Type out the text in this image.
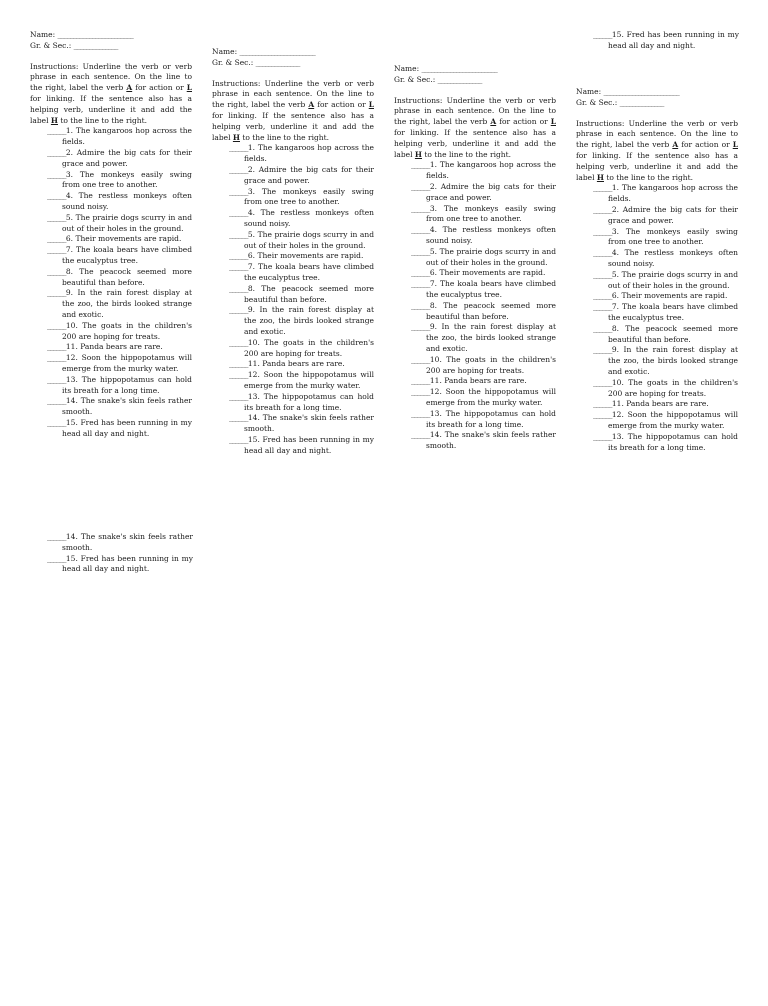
Name: ________________________
Gr. & Sec.: ______________
Instructions: Underline the verb or verb phrase in each sentence. On the line to the right, label the verb A for action or L for linking. If the sentence also has a helping verb, underline it and add the label H to the line to the right.
______1. The kangaroos hop across the fields.
______2. Admire the big cats for their grace and power.
______3. The monkeys easily swing from one tree to another.
______4. The restless monkeys often sound noisy.
______5. The prairie dogs scurry in and out of their holes in the ground.
______6. Their movements are rapid.
______7. The koala bears have climbed the eucalyptus tree.
______8. The peacock seemed more beautiful than before.
______9. In the rain forest display at the zoo, the birds looked strange and exotic.
______10. The goats in the children's 200 are hoping for treats.
______11. Panda bears are rare.
______12. Soon the hippopotamus will emerge from the murky water.
______13. The hippopotamus can hold its breath for a long time.
______14. The snake's skin feels rather smooth.
______15. Fred has been running in my head all day and night.
______14. The snake's skin feels rather smooth.
______15. Fred has been running in my head all day and night.
Name: ________________________
Gr. & Sec.: ______________
Instructions: Underline the verb or verb phrase in each sentence. On the line to the right, label the verb A for action or L for linking. If the sentence also has a helping verb, underline it and add the label H to the line to the right.
______1. The kangaroos hop across the fields.
______2. Admire the big cats for their grace and power.
______3. The monkeys easily swing from one tree to another.
______4. The restless monkeys often sound noisy.
______5. The prairie dogs scurry in and out of their holes in the ground.
______6. Their movements are rapid.
______7. The koala bears have climbed the eucalyptus tree.
______8. The peacock seemed more beautiful than before.
______9. In the rain forest display at the zoo, the birds looked strange and exotic.
______10. The goats in the children's 200 are hoping for treats.
______11. Panda bears are rare.
______12. Soon the hippopotamus will emerge from the murky water.
______13. The hippopotamus can hold its breath for a long time.
______14. The snake's skin feels rather smooth.
______15. Fred has been running in my head all day and night.
Name: ________________________
Gr. & Sec.: ______________
Instructions: Underline the verb or verb phrase in each sentence. On the line to the right, label the verb A for action or L for linking. If the sentence also has a helping verb, underline it and add the label H to the line to the right.
______1. The kangaroos hop across the fields.
______2. Admire the big cats for their grace and power.
______3. The monkeys easily swing from one tree to another.
______4. The restless monkeys often sound noisy.
______5. The prairie dogs scurry in and out of their holes in the ground.
______6. Their movements are rapid.
______7. The koala bears have climbed the eucalyptus tree.
______8. The peacock seemed more beautiful than before.
______9. In the rain forest display at the zoo, the birds looked strange and exotic.
______10. The goats in the children's 200 are hoping for treats.
______11. Panda bears are rare.
______12. Soon the hippopotamus will emerge from the murky water.
______13. The hippopotamus can hold its breath for a long time.
______14. The snake's skin feels rather smooth.
______15. Fred has been running in my head all day and night.
Name: ________________________
Gr. & Sec.: ______________
Instructions: Underline the verb or verb phrase in each sentence. On the line to the right, label the verb A for action or L for linking. If the sentence also has a helping verb, underline it and add the label H to the line to the right.
______1. The kangaroos hop across the fields.
______2. Admire the big cats for their grace and power.
______3. The monkeys easily swing from one tree to another.
______4. The restless monkeys often sound noisy.
______5. The prairie dogs scurry in and out of their holes in the ground.
______6. Their movements are rapid.
______7. The koala bears have climbed the eucalyptus tree.
______8. The peacock seemed more beautiful than before.
______9. In the rain forest display at the zoo, the birds looked strange and exotic.
______10. The goats in the children's 200 are hoping for treats.
______11. Panda bears are rare.
______12. Soon the hippopotamus will emerge from the murky water.
______13. The hippopotamus can hold its breath for a long time.
